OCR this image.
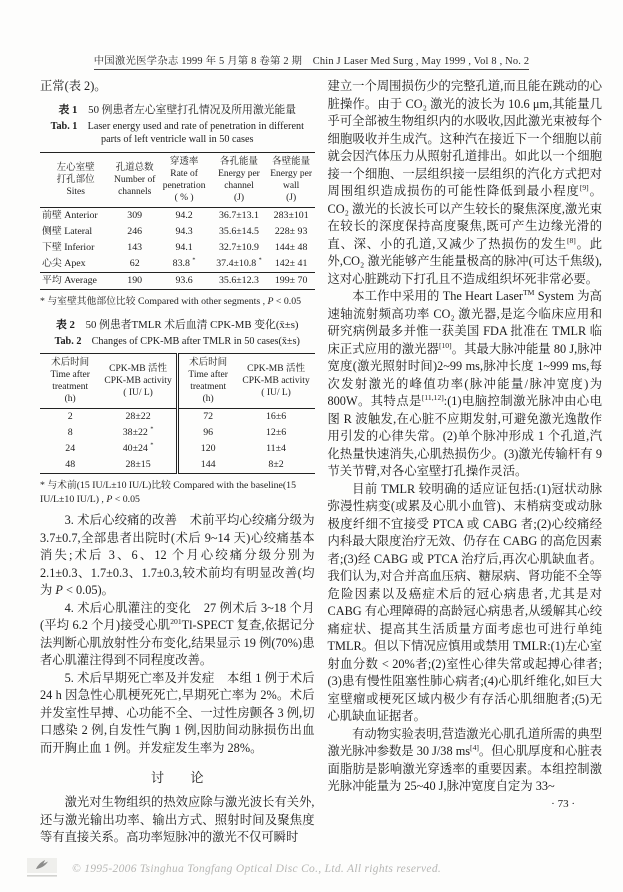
中国激光医学杂志 1999 年 5 月第 8 卷第 2 期　Chin J Laser Med Surg , May 1999 , Vol 8 , No. 2

正常(表 2)。

表 1　50 例患者左心室壁打孔情况及所用激光能量
Tab. 1　Laser energy used and rate of penetration in different
parts of left ventricle wall in 50 cases
左心室壁
打孔部位
Sites	孔道总数
Number of
channels	穿透率
Rate of
penetration
( % )	各孔能量
Energy per
channel
(J)	各壁能量
Energy per
wall
(J)
前壁 Anterior	309	94.2	36.7±13.1	283±101
侧壁 Lateral	246	94.3	35.6±14.5	228± 93
下壁 Inferior	143	94.1	32.7±10.9	144± 48
心尖 Apex	62	83.8 *	37.4±10.8 *	142± 41
平均 Average	190	93.6	35.6±12.3	199± 70
* 与室壁其他部位比较 Compared with other segments , P < 0.05
表 2　50 例患者TMLR 术后血清 CPK-MB 变化(x̄±s)
Tab. 2　Changes of CPK-MB after TMLR in 50 cases(x̄±s)
术后时间
Time after
treatment
(h)	CPK-MB 活性
CPK-MB activity
( IU/ L)	术后时间
Time after
treatment
(h)	CPK-MB 活性
CPK-MB activity
( IU/ L)
2	28±22	72	16±6
8	38±22 *	96	12±6
24	40±24 *	120	11±4
48	28±15	144	8±2
* 与术前(15 IU/L±10 IU/L)比较 Compared with the baseline(15
IU/L±10 IU/L) , P < 0.05

3. 术后心绞痛的改善　术前平均心绞痛分级为 3.7±0.7,全部患者出院时(术后 9~14 天)心绞痛基本消失;术后 3、6、12 个月心绞痛分级分别为 2.1±0.3、1.7±0.3、1.7±0.3,较术前均有明显改善(均为 P < 0.05)。

4. 术后心肌灌注的变化　27 例术后 3~18 个月(平均 6.2 个月)接受心肌$^{201}$Tl-SPECT 复查,依据记分法判断心肌放射性分布变化,结果显示 19 例(70%)患者心肌灌注得到不同程度改善。

5. 术后早期死亡率及并发症　本组 1 例于术后 24 h 因急性心肌梗死死亡,早期死亡率为 2%。术后并发室性早搏、心功能不全、一过性房颤各 3 例,切口感染 2 例,自发性气胸 1 例,因肋间动脉损伤出血而开胸止血 1 例。并发症发生率为 28%。

讨　　论

激光对生物组织的热效应除与激光波长有关外,还与激光输出功率、输出方式、照射时间及聚焦度等有直接关系。高功率短脉冲的激光不仅可瞬时

建立一个周围损伤少的完整孔道,而且能在跳动的心脏操作。由于 CO₂ 激光的波长为 10.6 μm,其能量几乎可全部被生物组织内的水吸收,因此激光束被每个细胞吸收并生成汽。这种汽在接近下一个细胞以前就会因汽体压力从照射孔道排出。如此以一个细胞接一个细胞、一层组织接一层组织的汽化方式把对周围组织造成损伤的可能性降低到最小程度[9]。CO₂ 激光的长波长可以产生较长的聚焦深度,激光束在较长的深度保持高度聚焦,既可产生边缘光滑的直、深、小的孔道,又减少了热损伤的发生[8]。此外,CO₂ 激光能够产生能量极高的脉冲(可达千焦级),这对心脏跳动下打孔且不造成组织坏死非常必要。

本工作中采用的 The Heart Laser™ System 为高速轴流射频高功率 CO₂ 激光器,是迄今临床应用和研究病例最多并惟一获美国 FDA 批准在 TMLR 临床正式应用的激光器[10]。其最大脉冲能量 80 J,脉冲宽度(激光照射时间)2~99 ms,脉冲长度 1~999 ms,每次发射激光的峰值功率(脉冲能量/脉冲宽度)为 800W。其特点是[11,12]:(1)电脑控制激光脉冲由心电图 R 波触发,在心脏不应期发射,可避免激光逸散作用引发的心律失常。(2)单个脉冲形成 1 个孔道,汽化热量快速消失,心肌热损伤少。(3)激光传输杆有 9 节关节臂,对各心室壁打孔操作灵活。

目前 TMLR 较明确的适应证包括:(1)冠状动脉弥漫性病变(或累及心肌小血管)、末梢病变或动脉极度纤细不宜接受 PTCA 或 CABG 者;(2)心绞痛经内科最大限度治疗无效、仍存在 CABG 的高危因素者;(3)经 CABG 或 PTCA 治疗后,再次心肌缺血者。我们认为,对合并高血压病、糖尿病、肾功能不全等危险因素以及癌症术后的冠心病患者,尤其是对 CABG 有心理障碍的高龄冠心病患者,从缓解其心绞痛症状、提高其生活质量方面考虑也可进行单纯 TMLR。但以下情况应慎用或禁用 TMLR:(1)左心室射血分数 < 20%者;(2)室性心律失常或起搏心律者;(3)患有慢性阻塞性肺心病者;(4)心肌纤维化,如巨大室壁瘤或梗死区域内极少有存活心肌细胞者;(5)无心肌缺血证据者。

有动物实验表明,营造激光心肌孔道所需的典型激光脉冲参数是 30 J/38 ms[4]。但心肌厚度和心脏表面脂肪是影响激光穿透率的重要因素。本组控制激光脉冲能量为 25~40 J,脉冲宽度自定为 33~

· 73 ·
© 1995-2006 Tsinghua Tongfang Optical Disc Co., Ltd. All rights reserved.
